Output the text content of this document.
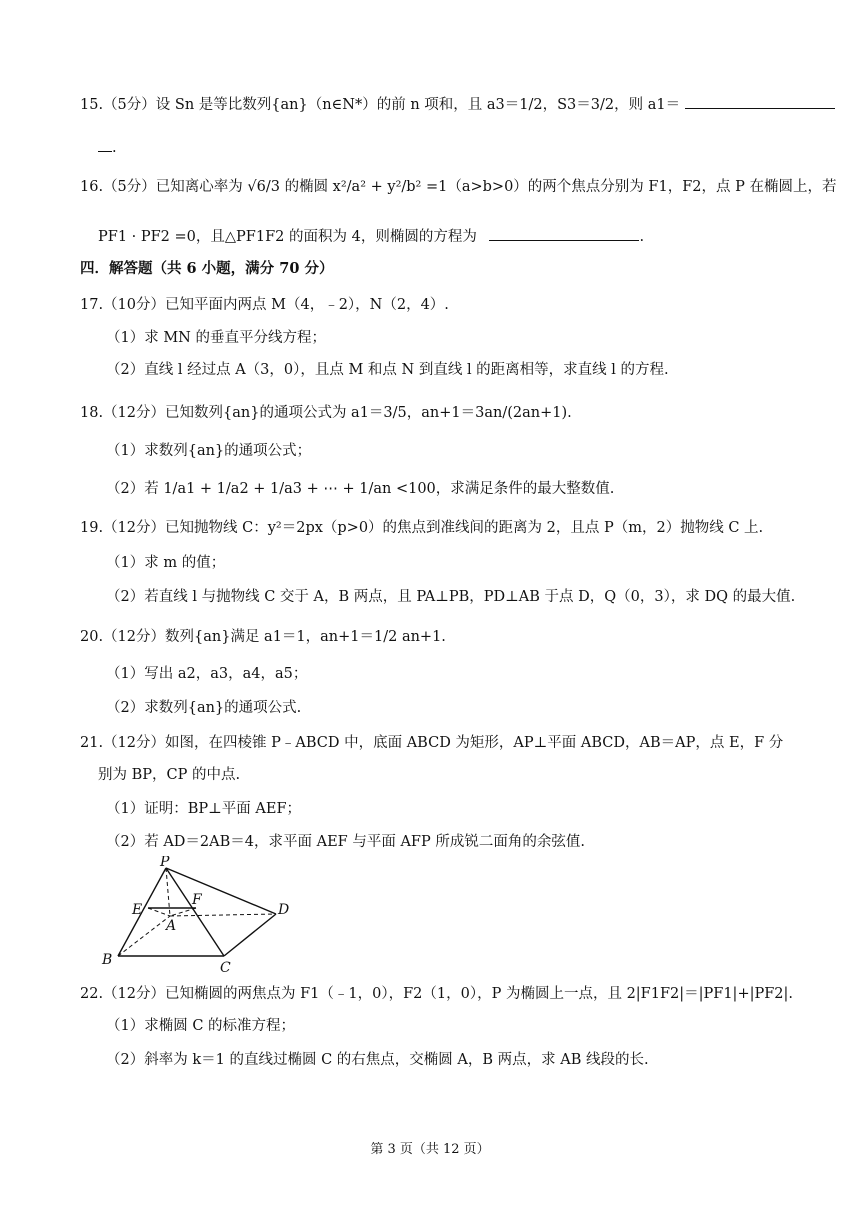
15.（5分）设 Sn 是等比数列{an}（n∈N*）的前 n 项和，且 a3＝1/2，S3＝3/2，则 a1＝
.
16.（5分）已知离心率为 √6/3 的椭圆 x²/a² + y²/b² =1（a>b>0）的两个焦点分别为 F1，F2，点 P 在椭圆上，若
PF1 · PF2 =0，且△PF1F2 的面积为 4，则椭圆的方程为	.
四．解答题（共 6 小题，满分 70 分）
17.（10分）已知平面内两点 M（4，﹣2），N（2，4）.
（1）求 MN 的垂直平分线方程；
（2）直线 l 经过点 A（3，0），且点 M 和点 N 到直线 l 的距离相等，求直线 l 的方程.
18.（12分）已知数列{an}的通项公式为 a1＝3/5，an+1＝3an/(2an+1).
（1）求数列{an}的通项公式；
（2）若 1/a1 + 1/a2 + 1/a3 + ⋯ + 1/an <100，求满足条件的最大整数值.
19.（12分）已知抛物线 C：y²＝2px（p>0）的焦点到准线间的距离为 2，且点 P（m，2）抛物线 C 上.
（1）求 m 的值；
（2）若直线 l 与抛物线 C 交于 A，B 两点，且 PA⊥PB，PD⊥AB 于点 D，Q（0，3），求 DQ 的最大值.
20.（12分）数列{an}满足 a1＝1，an+1＝1/2 an+1.
（1）写出 a2，a3，a4，a5；
（2）求数列{an}的通项公式.
21.（12分）如图，在四棱锥 P﹣ABCD 中，底面 ABCD 为矩形，AP⊥平面 ABCD，AB＝AP，点 E，F 分
别为 BP，CP 的中点.
（1）证明：BP⊥平面 AEF；
（2）若 AD＝2AB＝4，求平面 AEF 与平面 AFP 所成锐二面角的余弦值.
P
E
F
A
D
B	C
22.（12分）已知椭圆的两焦点为 F1（﹣1，0），F2（1，0），P 为椭圆上一点，且 2|F1F2|＝|PF1|+|PF2|.
（1）求椭圆 C 的标准方程；
（2）斜率为 k＝1 的直线过椭圆 C 的右焦点，交椭圆 A，B 两点，求 AB 线段的长.
第 3 页（共 12 页）
